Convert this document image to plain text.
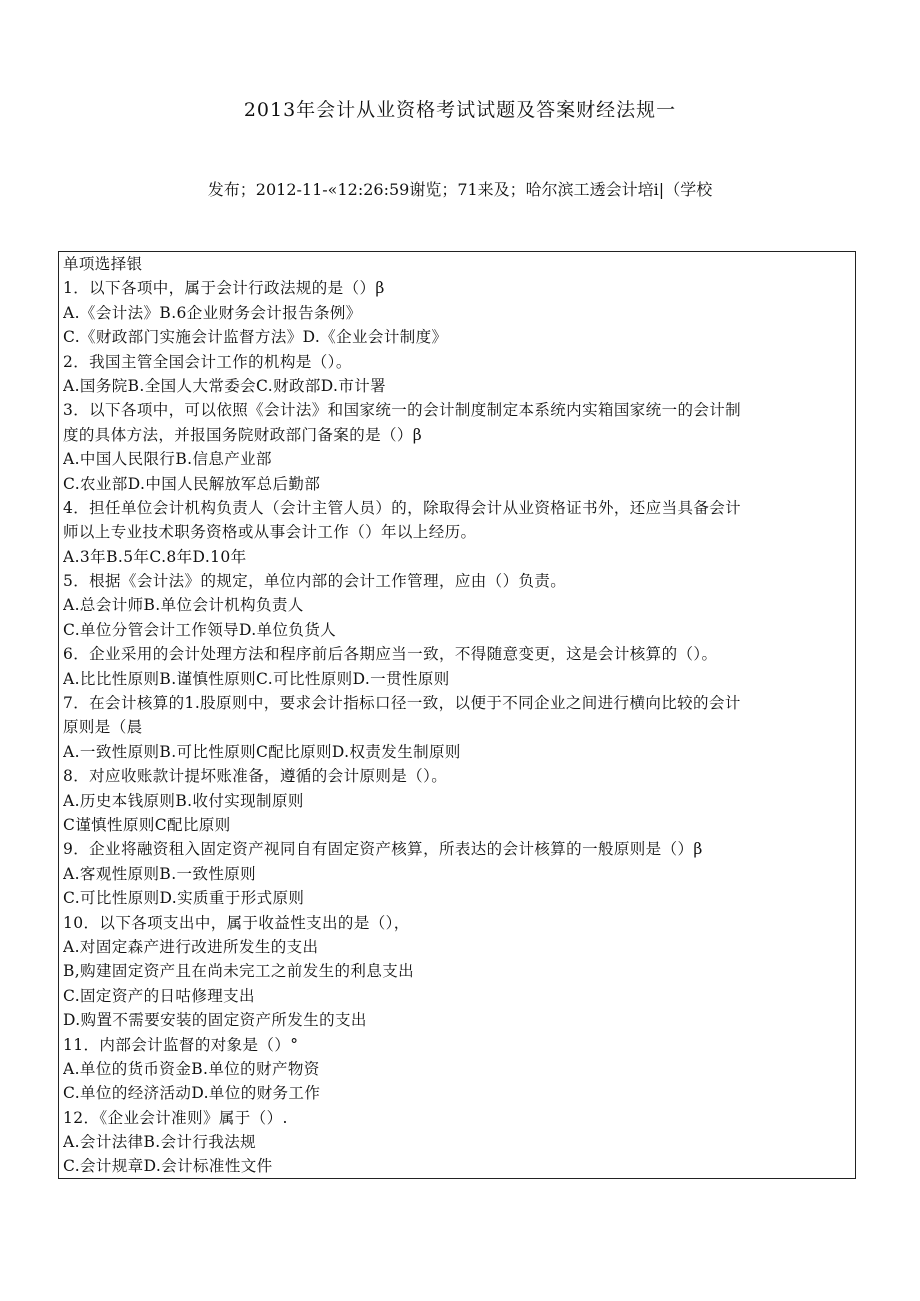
2013年会计从业资格考试试题及答案财经法规一
发布；2012-11-«12:26:59谢览；71来及；哈尔滨工透会计培i|（学校
单项选择银
1．以下各项中，属于会计行政法规的是（）β
A.《会计法》B.6企业财务会计报告条例》
C.《财政部门实施会计监督方法》D.《企业会计制度》
2．我国主管全国会计工作的机构是（）。
A.国务院B.全国人大常委会C.财政部D.市计署
3．以下各项中，可以依照《会计法》和国家统一的会计制度制定本系统内实箱国家统一的会计制
度的具体方法，并报国务院财政部门备案的是（）β
A.中国人民限行B.信息产业部
C.农业部D.中国人民解放军总后勤部
4．担任单位会计机构负责人（会计主管人员）的，除取得会计从业资格证书外，还应当具备会计
师以上专业技术职务资格或从事会计工作（）年以上经历。
A.3年B.5年C.8年D.10年
5．根据《会计法》的规定，单位内部的会计工作管理，应由（）负责。
A.总会计师B.单位会计机构负责人
C.单位分管会计工作领导D.单位负货人
6．企业采用的会计处理方法和程序前后各期应当一致，不得随意变更，这是会计核算的（）。
A.比比性原则B.谨慎性原则C.可比性原则D.一贯性原则
7．在会计核算的1.股原则中，要求会计指标口径一致，以便于不同企业之间进行横向比较的会计
原则是（晨
A.一致性原则B.可比性原则C配比原则D.权责发生制原则
8．对应收账款计提坏账准备，遵循的会计原则是（）。
A.历史本钱原则B.收付实现制原则
C谨慎性原则C配比原则
9．企业将融资租入固定资产视同自有固定资产核算，所表达的会计核算的一般原则是（）β
A.客观性原则B.一致性原则
C.可比性原则D.实质重于形式原则
10．以下各项支出中，属于收益性支出的是（），
A.对固定森产进行改进所发生的支出
B,购建固定资产且在尚未完工之前发生的利息支出
C.固定资产的日咕修理支出
D.购置不需要安装的固定资产所发生的支出
11．内部会计监督的对象是（）°
A.单位的货币资金B.单位的财产物资
C.单位的经济活动D.单位的财务工作
12．《企业会计准则》属于（）.
A.会计法律B.会计行我法规
C.会计规章D.会计标准性文件
